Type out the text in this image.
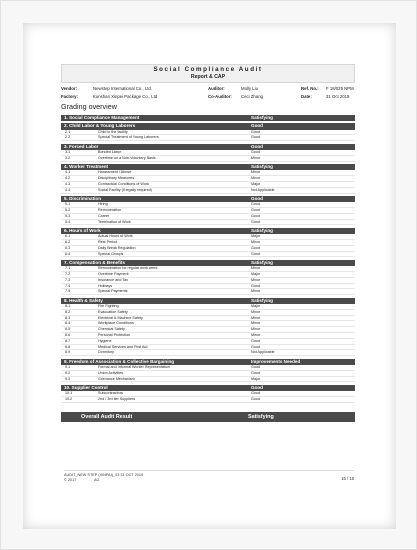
Social Compliance Audit
Report & CAP
Vendor:	Newstep International Co., Ltd.	Auditor:	Molly Liu	Ref. No.:	F 18/025 NPM
Factory:	Kunshan Xinpei Package Co., Ltd	Co-Auditor:	Ceci Zhang	Date:	31 Oct 2019
Grading overview
1. Social Compliance Management	Satisfying
2. Child Labor & Young Laborers	Good
2.1	Child in the facility	Good
2.2	Special Treatment of Young Laborers	Good
3. Forced Labor	Good
3.1	Bonded Labor	Good
3.2	Overtime on a Non-Voluntary Basis	Minor
4. Worker Treatment	Satisfying
4.1	Harassment / Abuse	Minor
4.2	Disciplinary Measures	Minor
4.3	Contractual Conditions of Work	Major
4.4	Social Facility (if legally required)	Not Applicable
5. Discrimination	Good
5.1	Hiring	Good
5.2	Remuneration	Good
5.3	Career	Good
5.4	Termination of Work	Good
6. Hours of Work	Satisfying
6.1	Actual Hours of Work	Major
6.2	Rest Period	Minor
6.3	Daily Break Regulation	Good
6.4	Special Groups	Good
7. Compensation & Benefits	Satisfying
7.1	Remuneration for regular work week	Minor
7.2	Overtime Payment	Major
7.3	Insurance and Tax	Minor
7.4	Holidays	Good
7.5	Special Payments	Minor
8. Health & Safety	Satisfying
8.1	Fire Fighting	Major
8.2	Evacuation Safety	Minor
8.3	Electrical & Machine Safety	Minor
8.4	Workplace Conditions	Minor
8.5	Chemical Safety	Minor
8.6	Personal Protection	Minor
8.7	Hygiene	Good
8.8	Medical Services and First Aid	Good
8.9	Dormitory	Not Applicable
9. Freedom of Association & Collective Bargaining	Improvements Needed
9.1	Formal and Informal Worker Representation	Good
9.2	Union Activities	Good
9.3	Grievance Mechanism	Major
10. Supplier Control	Good
10.1	Subcontractors	Good
10.2	2nd / 3rd tier Suppliers	Good
Overall Audit Result	Satisfying
AUDIT_NEW STEP (XINPAI)_03 31 OCT 2019
© 2017	AG	16 / 16
